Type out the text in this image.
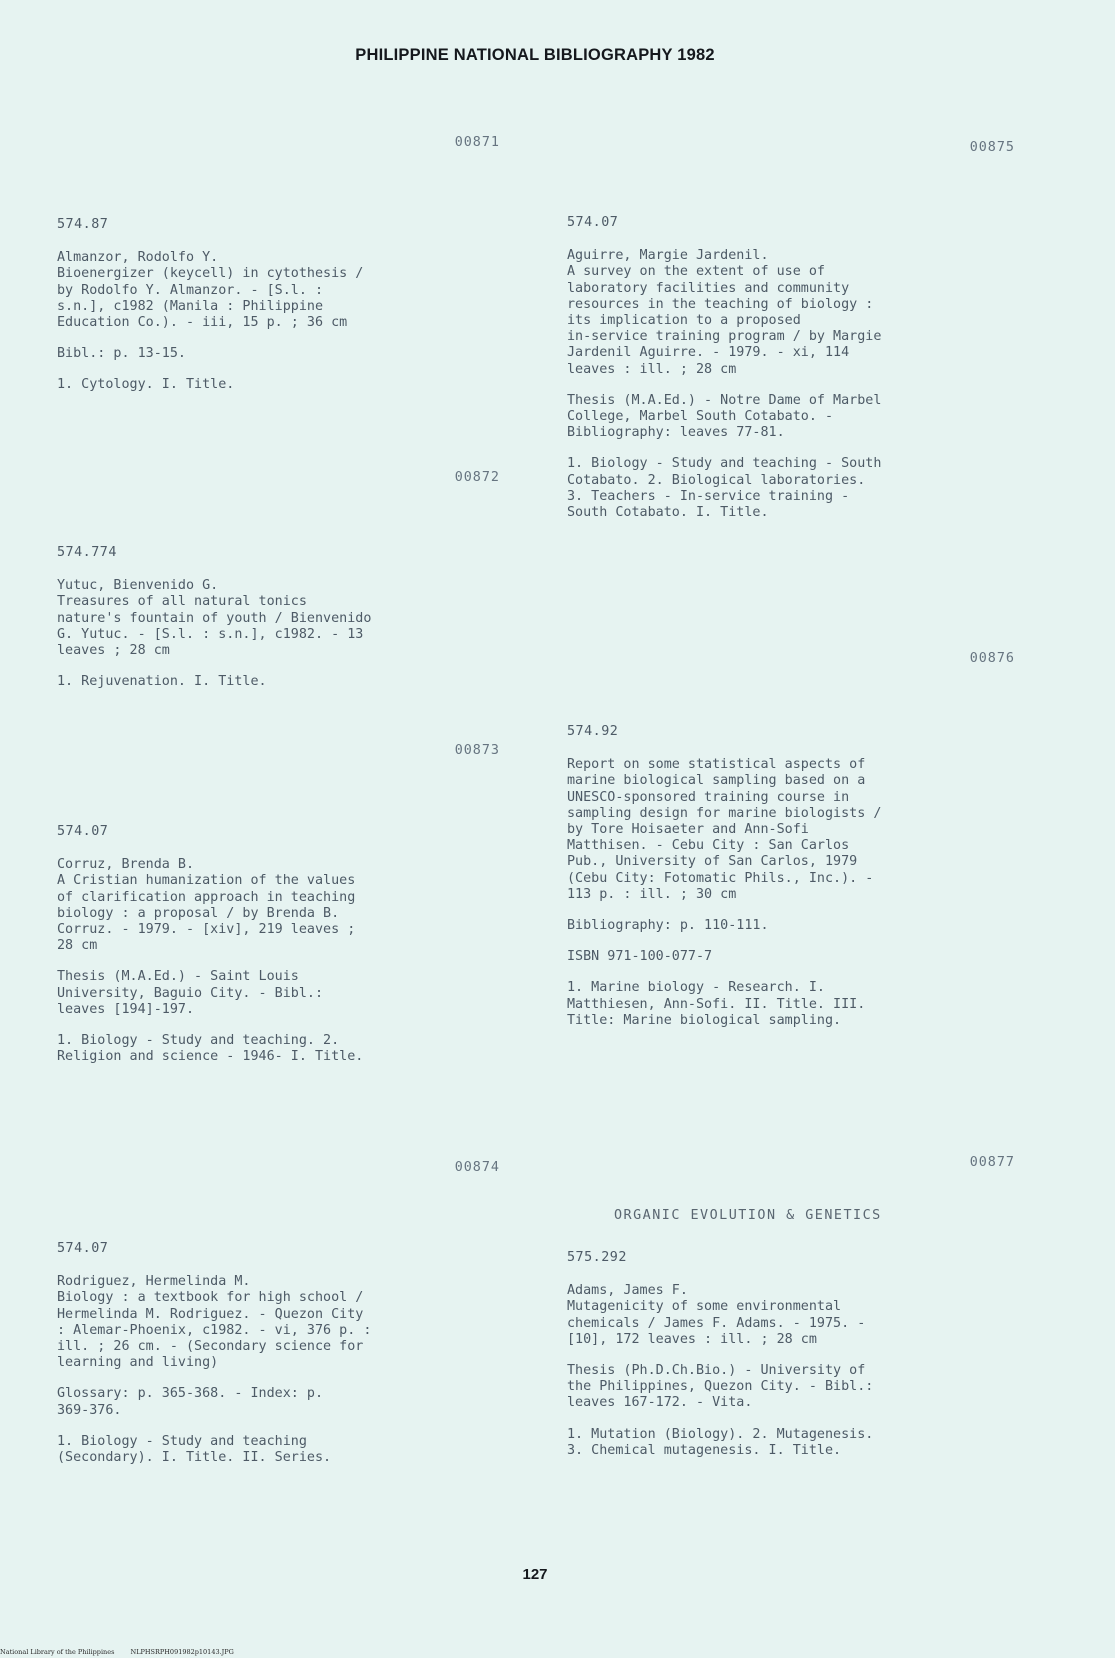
PHILIPPINE NATIONAL BIBLIOGRAPHY 1982
00871
574.87
Almanzor, Rodolfo Y.
Bioenergizer (keycell) in cytothesis /
by Rodolfo Y. Almanzor. - [S.l. :
s.n.], c1982 (Manila : Philippine
Education Co.). - iii, 15 p. ; 36 cm
Bibl.: p. 13-15.
1. Cytology. I. Title.
00872
574.774
Yutuc, Bienvenido G.
Treasures of all natural tonics
nature's fountain of youth / Bienvenido
G. Yutuc. - [S.l. : s.n.], c1982. - 13
leaves ; 28 cm
1. Rejuvenation. I. Title.
00873
574.07
Corruz, Brenda B.
A Cristian humanization of the values
of clarification approach in teaching
biology : a proposal / by Brenda B.
Corruz. - 1979. - [xiv], 219 leaves ;
28 cm
Thesis (M.A.Ed.) - Saint Louis
University, Baguio City. - Bibl.:
leaves [194]-197.
1. Biology - Study and teaching. 2.
Religion and science - 1946- I. Title.
00874
574.07
Rodriguez, Hermelinda M.
Biology : a textbook for high school /
Hermelinda M. Rodriguez. - Quezon City
: Alemar-Phoenix, c1982. - vi, 376 p. :
ill. ; 26 cm. - (Secondary science for
learning and living)
Glossary: p. 365-368. - Index: p.
369-376.
1. Biology - Study and teaching
(Secondary). I. Title. II. Series.
00875
574.07
Aguirre, Margie Jardenil.
A survey on the extent of use of
laboratory facilities and community
resources in the teaching of biology :
its implication to a proposed
in-service training program / by Margie
Jardenil Aguirre. - 1979. - xi, 114
leaves : ill. ; 28 cm
Thesis (M.A.Ed.) - Notre Dame of Marbel
College, Marbel South Cotabato. -
Bibliography: leaves 77-81.
1. Biology - Study and teaching - South
Cotabato. 2. Biological laboratories.
3. Teachers - In-service training -
South Cotabato. I. Title.
00876
574.92
Report on some statistical aspects of
marine biological sampling based on a
UNESCO-sponsored training course in
sampling design for marine biologists /
by Tore Hoisaeter and Ann-Sofi
Matthisen. - Cebu City : San Carlos
Pub., University of San Carlos, 1979
(Cebu City: Fotomatic Phils., Inc.). -
113 p. : ill. ; 30 cm
Bibliography: p. 110-111.
ISBN 971-100-077-7
1. Marine biology - Research. I.
Matthiesen, Ann-Sofi. II. Title. III.
Title: Marine biological sampling.
00877
ORGANIC EVOLUTION & GENETICS
575.292
Adams, James F.
Mutagenicity of some environmental
chemicals / James F. Adams. - 1975. -
[10], 172 leaves : ill. ; 28 cm
Thesis (Ph.D.Ch.Bio.) - University of
the Philippines, Quezon City. - Bibl.:
leaves 167-172. - Vita.
1. Mutation (Biology). 2. Mutagenesis.
3. Chemical mutagenesis. I. Title.
127
National Library of the Philippines NLPHSRPH091982p10143.JPG
